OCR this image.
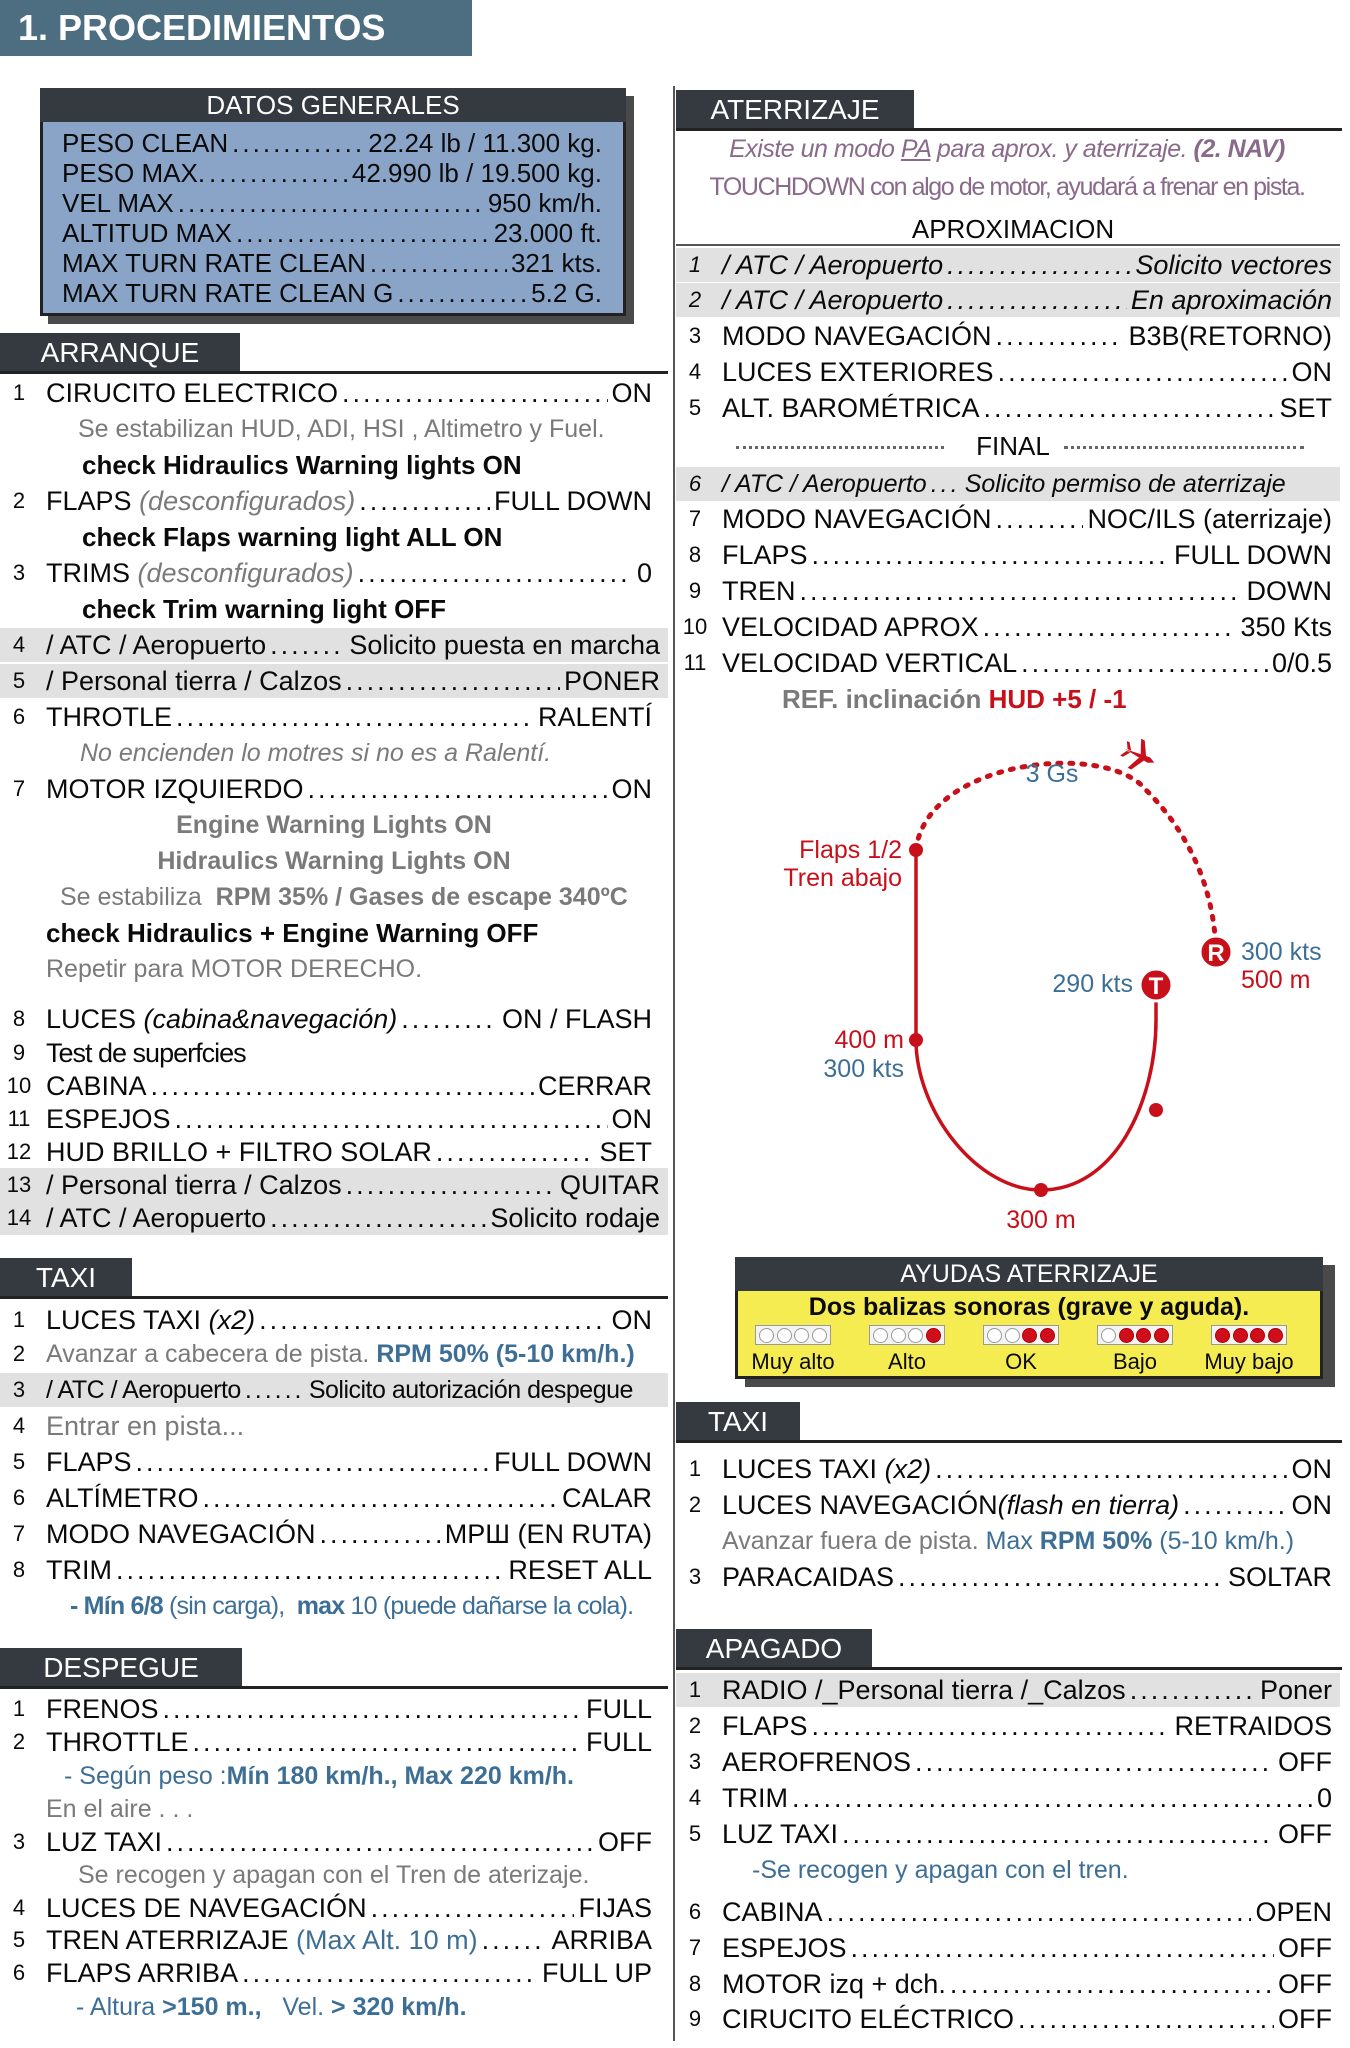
1. PROCEDIMIENTOS
DATOS GENERALES
PESO CLEAN .....	22.24 lb / 11.300 kg.
PESO MAX. .....	42.990 lb / 19.500 kg.
VEL MAX .....	950 km/h.
ALTITUD MAX .....	23.000 ft.
MAX TURN RATE CLEAN .....	321 kts.
MAX TURN RATE CLEAN G .....	5.2 G.
ARRANQUE
1 CIRUCITO ELECTRICO .....	ON
Se estabilizan HUD, ADI, HSI , Altimetro y Fuel.
check Hidraulics Warning lights ON
2 FLAPS
(desconfigurados) .....	FULL DOWN
check Flaps warning light ALL ON
3 TRIMS
(desconfigurados) .....	0
check Trim warning light OFF
4 / ATC / Aeropuerto .....	Solicito puesta en marcha
5 / Personal tierra / Calzos .....	PONER
6 THROTLE .....	RALENTÍ
No encienden lo motres si no es a Ralentí.
7 MOTOR IZQUIERDO .....	ON
Engine Warning Lights ON
Hidraulics Warning Lights ON
Se estabiliza RPM 35% / Gases de escape 340ºC
check Hidraulics + Engine Warning OFF
Repetir para MOTOR DERECHO.
8 LUCES
(cabina&navegación) .....	ON / FLASH
9 Test de superfcies
10 CABINA .....	CERRAR
11 ESPEJOS .....	ON
12 HUD BRILLO + FILTRO SOLAR .....	SET
13 / Personal tierra / Calzos .....	QUITAR
14 / ATC / Aeropuerto .....	Solicito rodaje
TAXI
1 LUCES TAXI
(x2) .....	ON
2 Avanzar a cabecera de pista.
RPM 50% (5-10 km/h.)
3 / ATC / Aeropuerto .....	Solicito autorización despegue
4 Entrar en pista...
5 FLAPS .....	FULL DOWN
6 ALTÍMETRO .....	CALAR
7 MODO NAVEGACIÓN .....	МРШ (EN RUTA)
8 TRIM .....	RESET ALL
- Mín 6/8 (sin carga), max 10 (puede dañarse la cola).
DESPEGUE
1 FRENOS .....	FULL
2 THROTTLE .....	FULL
- Según peso :Mín 180 km/h., Max 220 km/h.
En el aire . . .
3 LUZ TAXI .....	OFF
Se recogen y apagan con el Tren de aterizaje.
4 LUCES DE NAVEGACIÓN .....	FIJAS
5 TREN ATERRIZAJE
(Max Alt. 10 m) .....	ARRIBA
6 FLAPS ARRIBA .....	FULL UP
- Altura >150 m., Vel. > 320 km/h.
ATERRIZAJE
Existe un modo PA para aprox. y aterrizaje. (2. NAV)
TOUCHDOWN con algo de motor, ayudará a frenar en pista.
APROXIMACION
1 / ATC / Aeropuerto .....	Solicito vectores
2 / ATC / Aeropuerto .....	En aproximación
3 MODO NAVEGACIÓN .....	B3B(RETORNO)
4 LUCES EXTERIORES .....	ON
5 ALT. BAROMÉTRICA .....	SET
FINAL
6 / ATC / Aeropuerto ..... Solicito permiso de aterrizaje
7 MODO NAVEGACIÓN .....	NOC/ILS (aterrizaje)
8 FLAPS .....	FULL DOWN
9 TREN .....	DOWN
10 VELOCIDAD APROX .....	350 Kts
11 VELOCIDAD VERTICAL .....	0/0.5
REF. inclinación HUD +5 / -1
R
T
3 Gs
Flaps 1/2
Tren abajo
300 kts
500 m
290 kts
400 m
300 kts
300 m
AYUDAS ATERRIZAJE
Dos balizas sonoras (grave y aguda).
Muy alto	Alto	OK	Bajo	Muy bajo
TAXI
1 LUCES TAXI
(x2) .....	ON
2 LUCES NAVEGACIÓN (flash en tierra) .....	ON
Avanzar fuera de pista. Max RPM 50% (5-10 km/h.)
3 PARACAIDAS .....	SOLTAR
APAGADO
1 RADIO
/_Personal tierra /_Calzos .....	Poner
2 FLAPS .....	RETRAIDOS
3 AEROFRENOS .....	OFF
4 TRIM .....	0
5 LUZ TAXI .....	OFF
-Se recogen y apagan con el tren.
6 CABINA .....	OPEN
7 ESPEJOS .....	OFF
8 MOTOR izq + dch. .....	OFF
9 CIRUCITO ELÉCTRICO .....	OFF
